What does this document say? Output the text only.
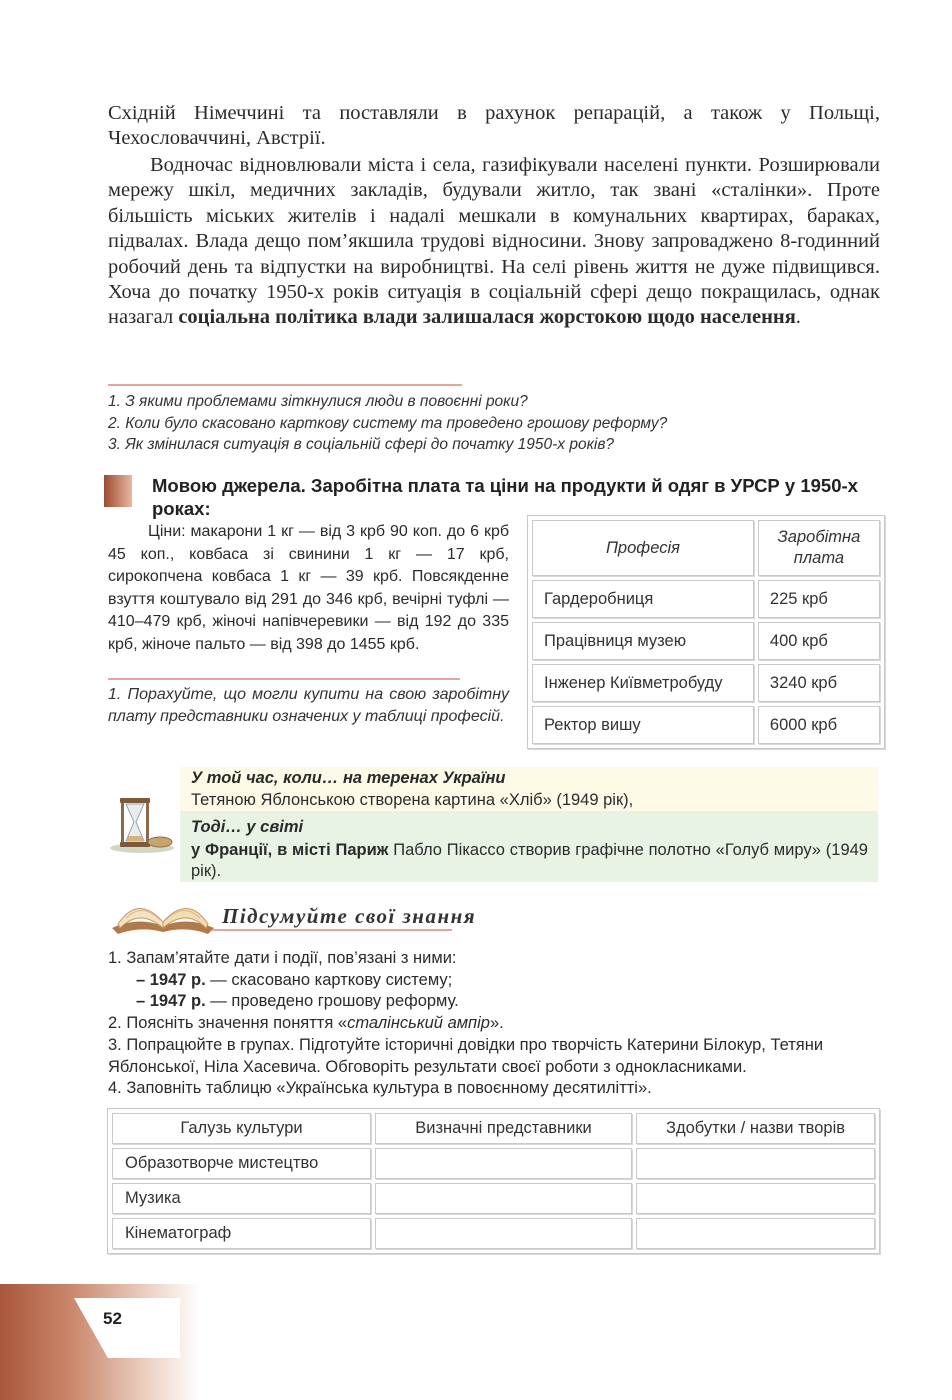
Східній Німеччині та поставляли в рахунок репарацій, а також у Польщі, Чехословаччині, Австрії.
Водночас відновлювали міста і села, газифікували населені пункти. Розширювали мережу шкіл, медичних закладів, будували житло, так звані «сталінки». Проте більшість міських жителів і надалі мешкали в комунальних квартирах, бараках, підвалах. Влада дещо пом’якшила трудові відносини. Знову запроваджено 8-годинний робочий день та відпустки на виробництві. На селі рівень життя не дуже підвищився. Хоча до початку 1950-х років ситуація в соціальній сфері дещо покращилась, однак назагал соціальна політика влади залишалася жорстокою щодо населення.
1. З якими проблемами зіткнулися люди в повоєнні роки?
2. Коли було скасовано карткову систему та проведено грошову реформу?
3. Як змінилася ситуація в соціальній сфері до початку 1950-х років?
Мовою джерела. Заробітна плата та ціни на продукти й одяг в УРСР у 1950-х роках:
Ціни: макарони 1 кг — від 3 крб 90 коп. до 6 крб 45 коп., ковбаса зі свинини 1 кг — 17 крб, сирокопчена ковбаса 1 кг — 39 крб. Повсякденне взуття коштувало від 291 до 346 крб, вечірні туфлі — 410–479 крб, жіночі напівчеревики — від 192 до 335 крб, жіноче пальто — від 398 до 1455 крб.
1. Порахуйте, що могли купити на свою заробітну плату представники означених у таблиці професій.
Професія	Заробітна плата
Гардеробниця	225 крб
Працівниця музею	400 крб
Інженер Київметробуду	3240 крб
Ректор вишу	6000 крб
У той час, коли… на теренах України
Тетяною Яблонською створена картина «Хліб» (1949 рік),
Тоді… у світі
у Франції, в місті Париж Пабло Пікассо створив графічне полотно «Голуб миру» (1949 рік).
Підсумуйте свої знання
1. Запам’ятайте дати і події, пов’язані з ними:
– 1947 р. — скасовано карткову систему;
– 1947 р. — проведено грошову реформу.
2. Поясніть значення поняття «сталінський ампір».
3. Попрацюйте в групах. Підготуйте історичні довідки про творчість Катерини Білокур, Тетяни Яблонської, Ніла Хасевича. Обговоріть результати своєї роботи з однокласниками.
4. Заповніть таблицю «Українська культура в повоєнному десятилітті».
Галузь культури	Визначні представники	Здобутки / назви творів
Образотворче мистецтво		
Музика		
Кінематограф		
52
